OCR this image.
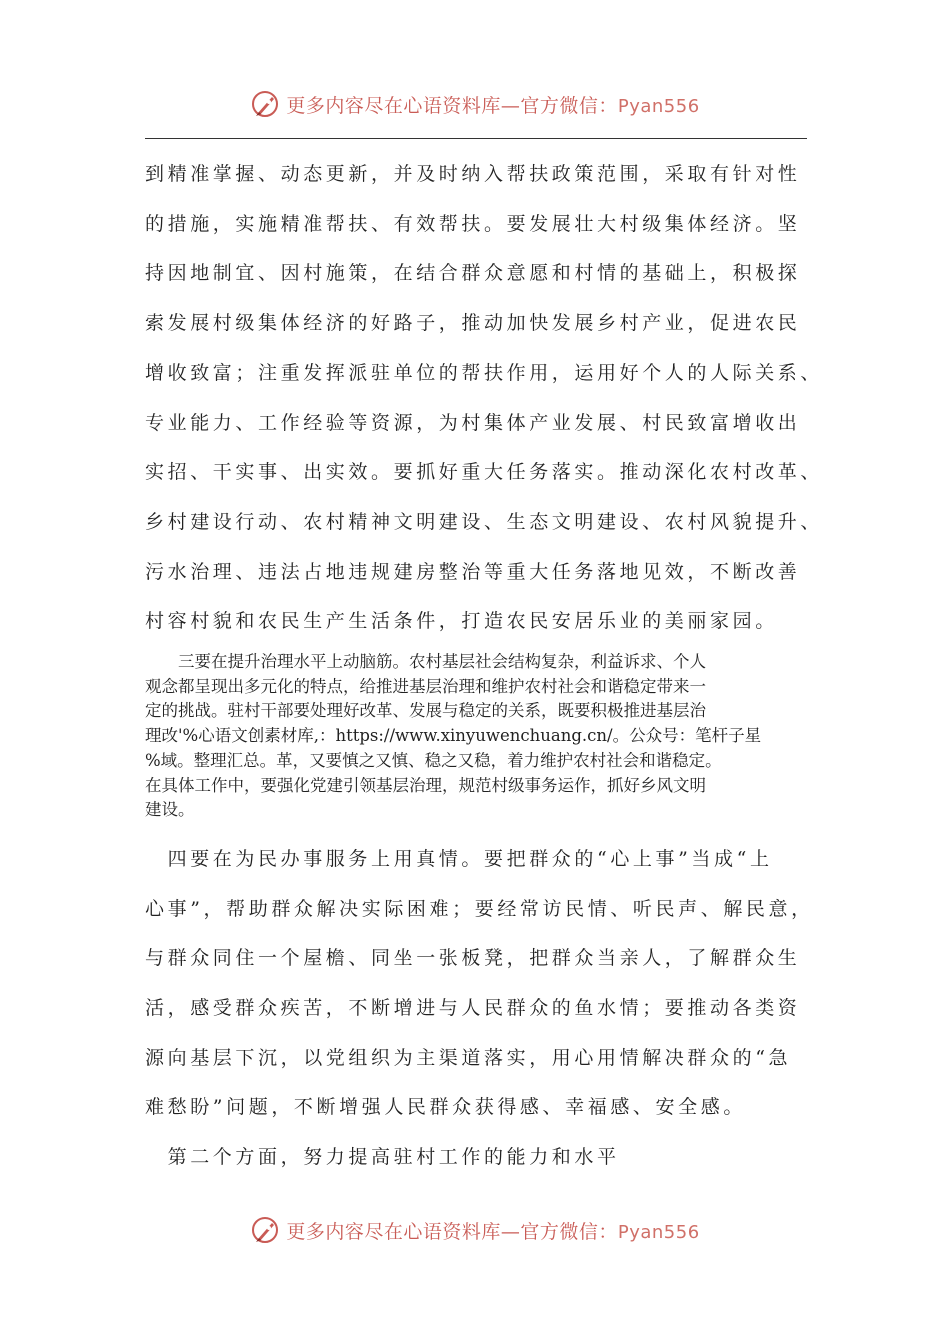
更多内容尽在心语资料库—官方微信：Pyan556

到精准掌握、动态更新，并及时纳入帮扶政策范围，采取有针对性
的措施，实施精准帮扶、有效帮扶。要发展壮大村级集体经济。坚
持因地制宜、因村施策，在结合群众意愿和村情的基础上，积极探
索发展村级集体经济的好路子，推动加快发展乡村产业，促进农民
增收致富；注重发挥派驻单位的帮扶作用，运用好个人的人际关系、
专业能力、工作经验等资源，为村集体产业发展、村民致富增收出
实招、干实事、出实效。要抓好重大任务落实。推动深化农村改革、
乡村建设行动、农村精神文明建设、生态文明建设、农村风貌提升、
污水治理、违法占地违规建房整治等重大任务落地见效，不断改善
村容村貌和农民生产生活条件，打造农民安居乐业的美丽家园。

　　三要在提升治理水平上动脑筋。农村基层社会结构复杂，利益诉求、个人
观念都呈现出多元化的特点，给推进基层治理和维护农村社会和谐稳定带来一
定的挑战。驻村干部要处理好改革、发展与稳定的关系，既要积极推进基层治
理改'%心语文创素材库,：https://www.xinyuwenchuang.cn/。公众号：笔杆子星
%域。整理汇总。革，又要慎之又慎、稳之又稳，着力维护农村社会和谐稳定。
在具体工作中，要强化党建引领基层治理，规范村级事务运作，抓好乡风文明
建设。

　四要在为民办事服务上用真情。要把群众的“心上事”当成“上
心事”，帮助群众解决实际困难；要经常访民情、听民声、解民意，
与群众同住一个屋檐、同坐一张板凳，把群众当亲人，了解群众生
活，感受群众疾苦，不断增进与人民群众的鱼水情；要推动各类资
源向基层下沉，以党组织为主渠道落实，用心用情解决群众的“急
难愁盼”问题，不断增强人民群众获得感、幸福感、安全感。

　第二个方面，努力提高驻村工作的能力和水平

更多内容尽在心语资料库—官方微信：Pyan556
